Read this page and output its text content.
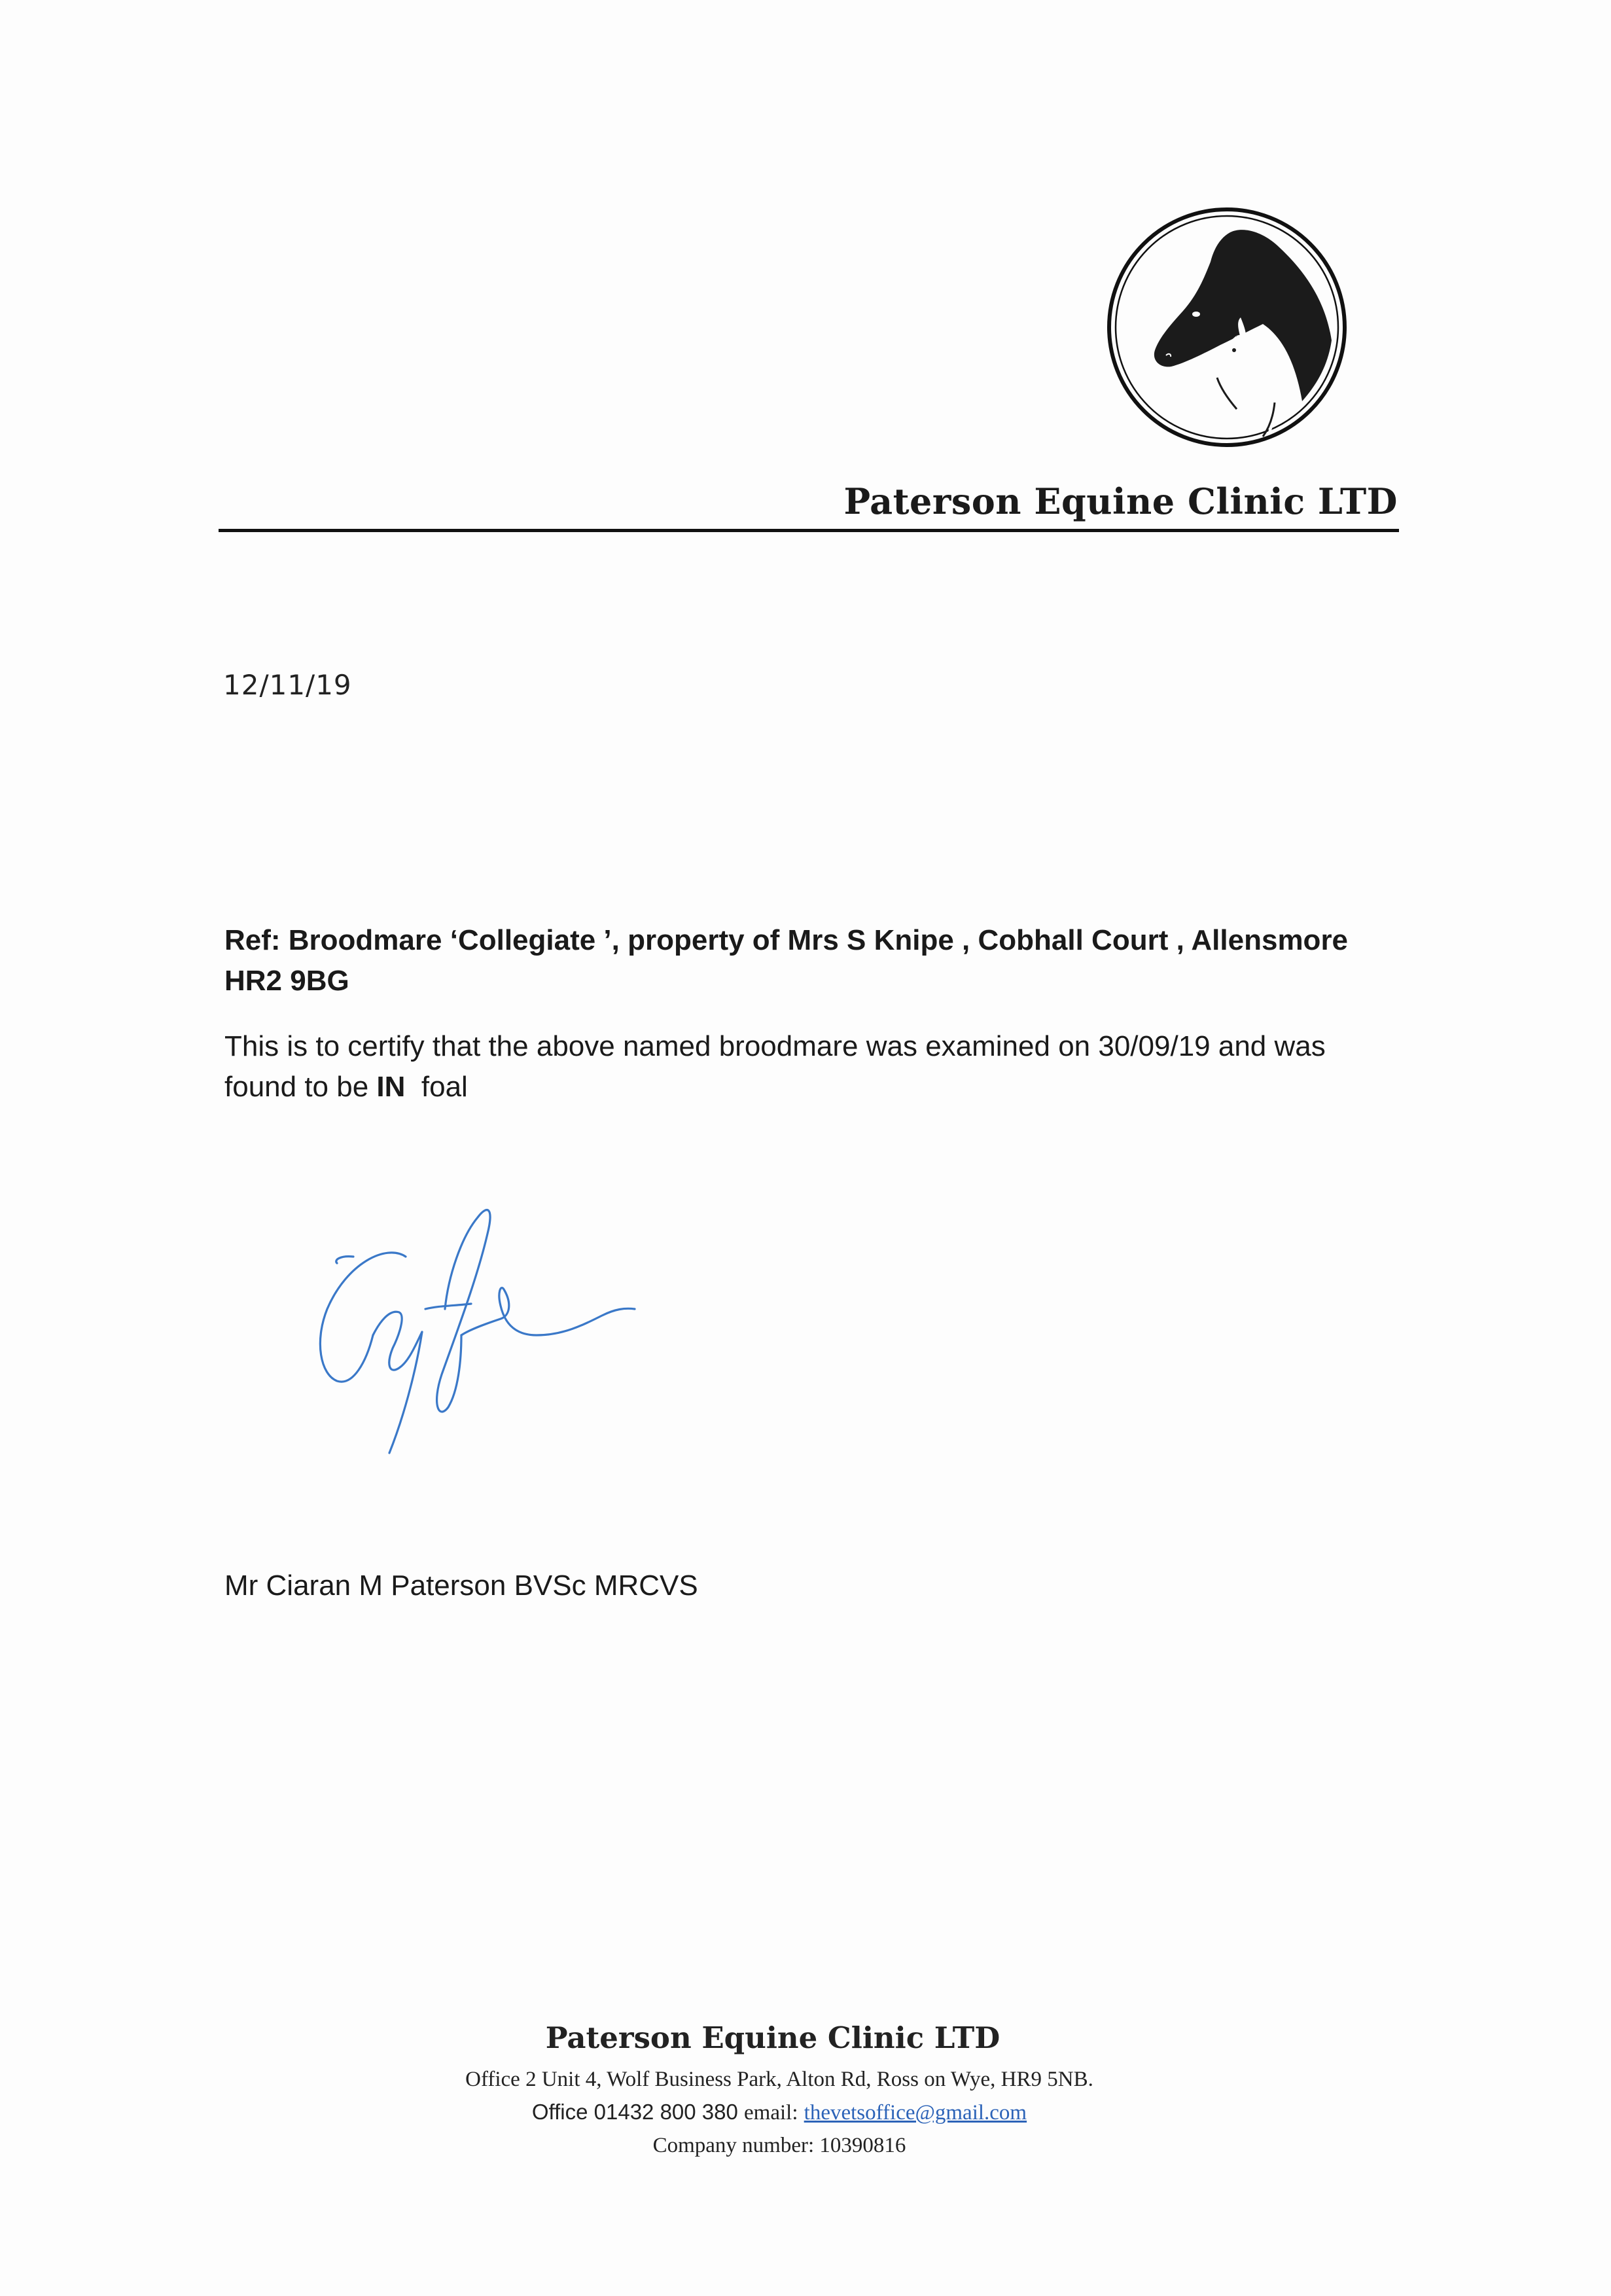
Paterson Equine Clinic LTD
12/11/19
Ref: Broodmare ‘Collegiate ’, property of Mrs S Knipe , Cobhall Court , Allensmore HR2 9BG
This is to certify that the above named broodmare was examined on 30/09/19 and was found to be IN  foal
Mr Ciaran M Paterson BVSc MRCVS
Paterson Equine Clinic LTD
Office 2 Unit 4, Wolf Business Park, Alton Rd, Ross on Wye, HR9 5NB.
Office 01432 800 380 email: thevetsoffice@gmail.com
Company number: 10390816
